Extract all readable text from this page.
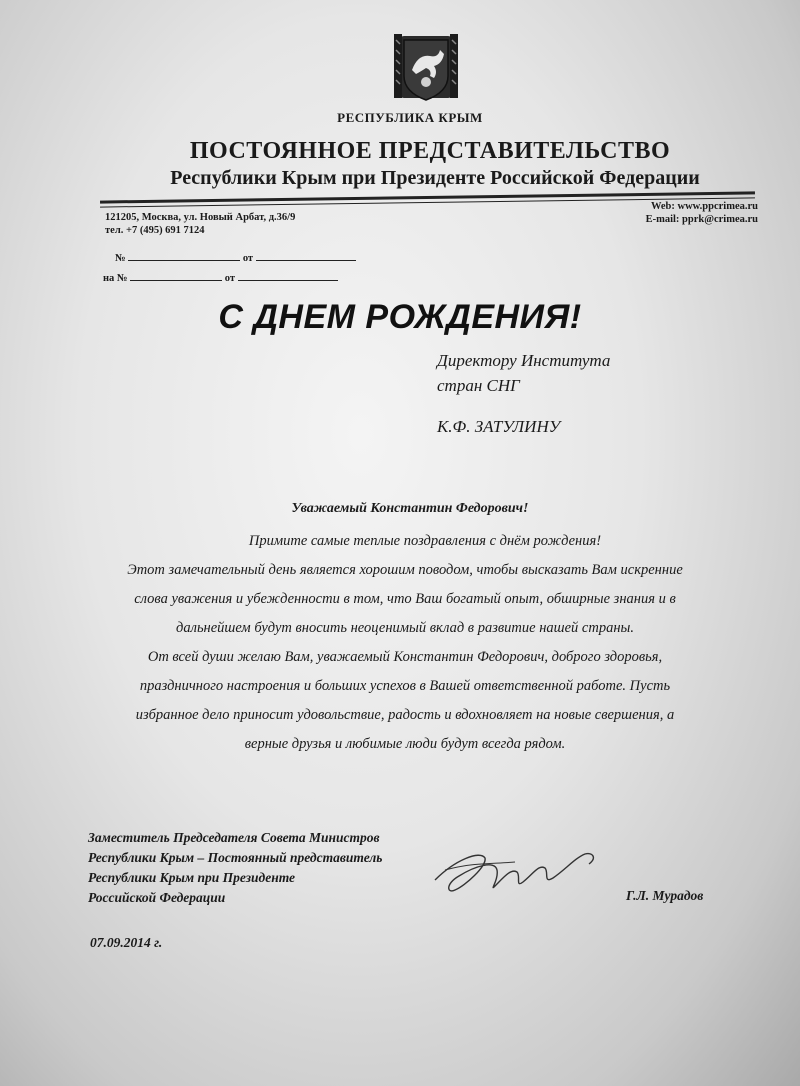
РЕСПУБЛИКА КРЫМ
ПОСТОЯННОЕ ПРЕДСТАВИТЕЛЬСТВО
Республики Крым при Президенте Российской Федерации
121205, Москва, ул. Новый Арбат, д.36/9
тел. +7 (495) 691 7124
Web: www.ppcrimea.ru
E-mail: pprk@crimea.ru
№	от
на №	от
С ДНЕМ РОЖДЕНИЯ!
Директору Института
стран СНГ
К.Ф. ЗАТУЛИНУ
Уважаемый Константин Федорович!
Примите самые теплые поздравления с днём рождения!
Этот замечательный день является хорошим поводом, чтобы высказать Вам искренние
слова уважения и убежденности в том, что Ваш богатый опыт, обширные знания и в
дальнейшем будут вносить неоценимый вклад в развитие нашей страны.
От всей души желаю Вам, уважаемый Константин Федорович, доброго здоровья,
праздничного настроения и больших успехов в Вашей ответственной работе. Пусть
избранное дело приносит удовольствие, радость и вдохновляет на новые свершения, а
верные друзья и любимые люди будут всегда рядом.
Заместитель Председателя Совета Министров
Республики Крым – Постоянный представитель
Республики Крым при Президенте
Российской Федерации	Г.Л. Мурадов
07.09.2014 г.
